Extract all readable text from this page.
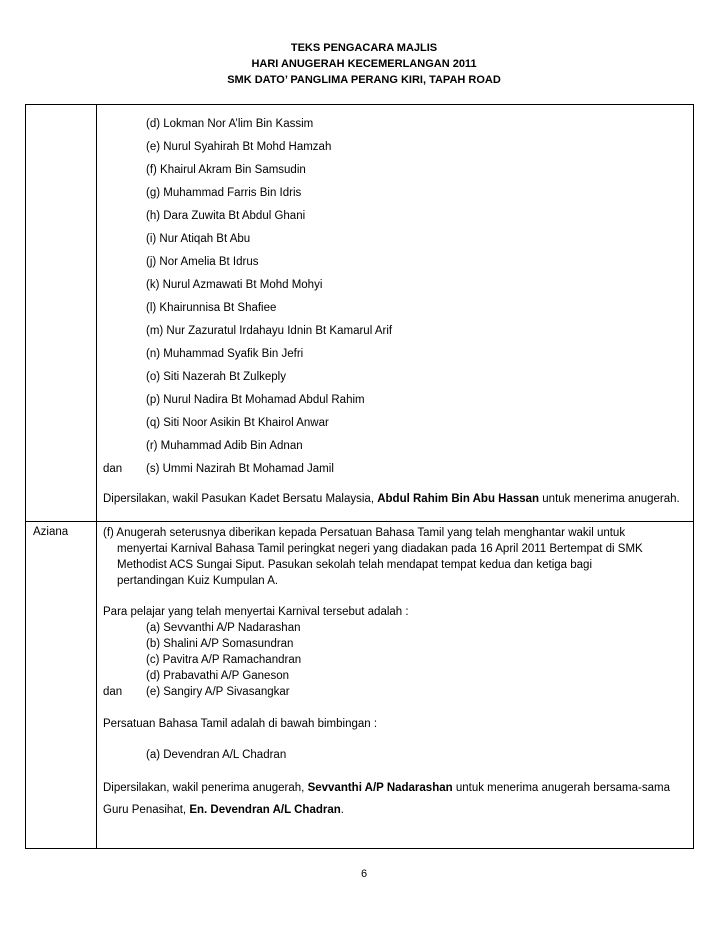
TEKS PENGACARA MAJLIS
HARI ANUGERAH KECEMERLANGAN 2011
SMK DATO’ PANGLIMA PERANG KIRI, TAPAH ROAD
(d) Lokman Nor A’lim Bin Kassim
(e) Nurul Syahirah Bt Mohd Hamzah
(f) Khairul Akram Bin Samsudin
(g) Muhammad Farris Bin Idris
(h) Dara Zuwita Bt Abdul Ghani
(i) Nur Atiqah Bt Abu
(j) Nor Amelia Bt Idrus
(k) Nurul Azmawati Bt Mohd Mohyi
(l) Khairunnisa Bt Shafiee
(m) Nur Zazuratul Irdahayu Idnin Bt Kamarul Arif
(n) Muhammad Syafik Bin Jefri
(o) Siti Nazerah Bt Zulkeply
(p) Nurul Nadira Bt Mohamad Abdul Rahim
(q) Siti Noor Asikin Bt Khairol Anwar
(r) Muhammad Adib Bin Adnan
dan (s) Ummi Nazirah Bt Mohamad Jamil
Dipersilakan, wakil Pasukan Kadet Bersatu Malaysia, Abdul Rahim Bin Abu Hassan untuk menerima anugerah.
Aziana	(f) Anugerah seterusnya diberikan kepada Persatuan Bahasa Tamil yang telah menghantar wakil untuk
menyertai Karnival Bahasa Tamil peringkat negeri yang diadakan pada 16 April 2011 Bertempat di SMK
Methodist ACS Sungai Siput. Pasukan sekolah telah mendapat tempat kedua dan ketiga bagi
pertandingan Kuiz Kumpulan A.
Para pelajar yang telah menyertai Karnival tersebut adalah :
(a) Sevvanthi A/P Nadarashan
(b) Shalini A/P Somasundran
(c) Pavitra A/P Ramachandran
(d) Prabavathi A/P Ganeson
dan (e) Sangiry A/P Sivasangkar
Persatuan Bahasa Tamil adalah di bawah bimbingan :
(a) Devendran A/L Chadran
Dipersilakan, wakil penerima anugerah, Sevvanthi A/P Nadarashan untuk menerima anugerah bersama-sama
Guru Penasihat, En. Devendran A/L Chadran.
6
